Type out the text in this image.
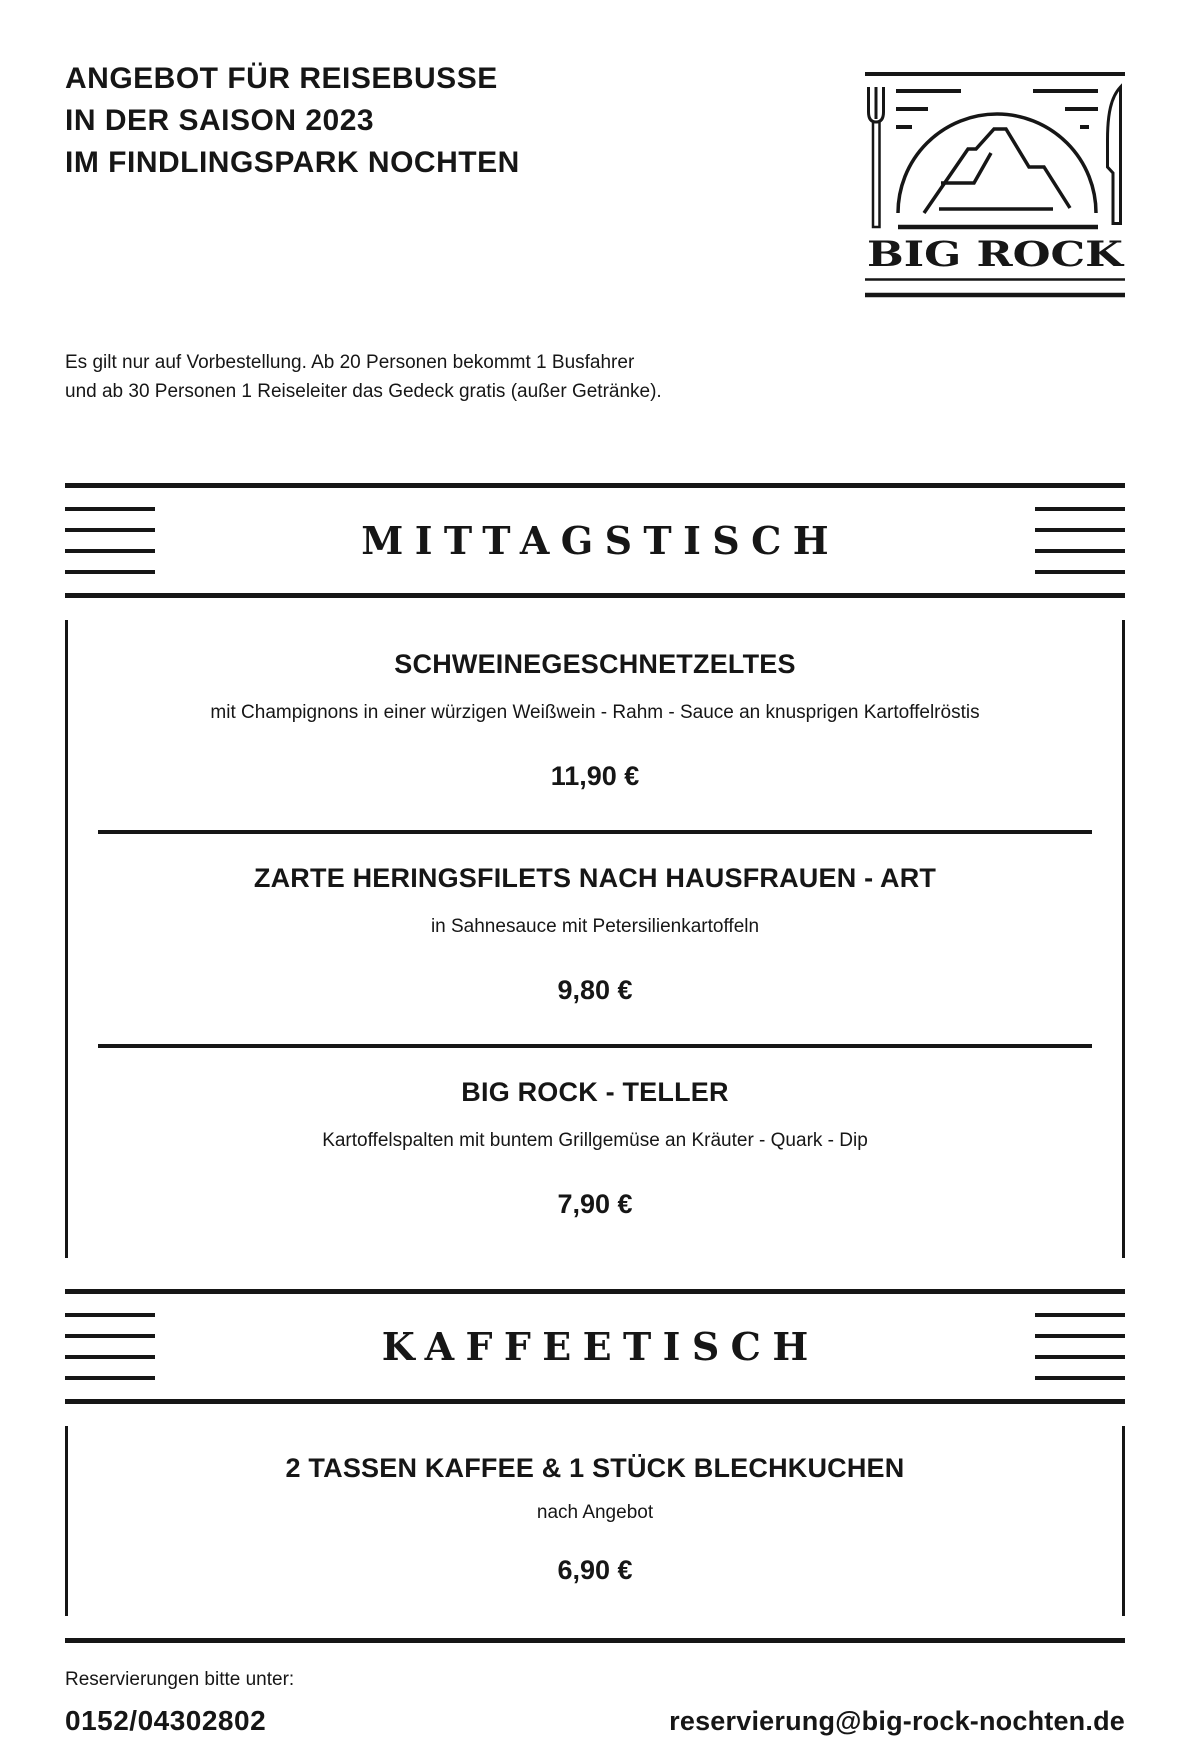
ANGEBOT FÜR REISEBUSSE
IN DER SAISON 2023
IM FINDLINGSPARK NOCHTEN
BIG ROCK

Es gilt nur auf Vorbestellung. Ab 20 Personen bekommt 1 Busfahrer
und ab 30 Personen 1 Reiseleiter das Gedeck gratis (außer Getränke).

MITTAGSTISCH
SCHWEINEGESCHNETZELTES

mit Champignons in einer würzigen Weißwein - Rahm - Sauce an knusprigen Kartoffelröstis

11,90 €
ZARTE HERINGSFILETS NACH HAUSFRAUEN - ART

in Sahnesauce mit Petersilienkartoffeln

9,80 €
BIG ROCK - TELLER

Kartoffelspalten mit buntem Grillgemüse an Kräuter - Quark - Dip

7,90 €
KAFFEETISCH
2 TASSEN KAFFEE & 1 STÜCK BLECHKUCHEN

nach Angebot

6,90 €

Reservierungen bitte unter:

0152/04302802	reservierung@big-rock-nochten.de
